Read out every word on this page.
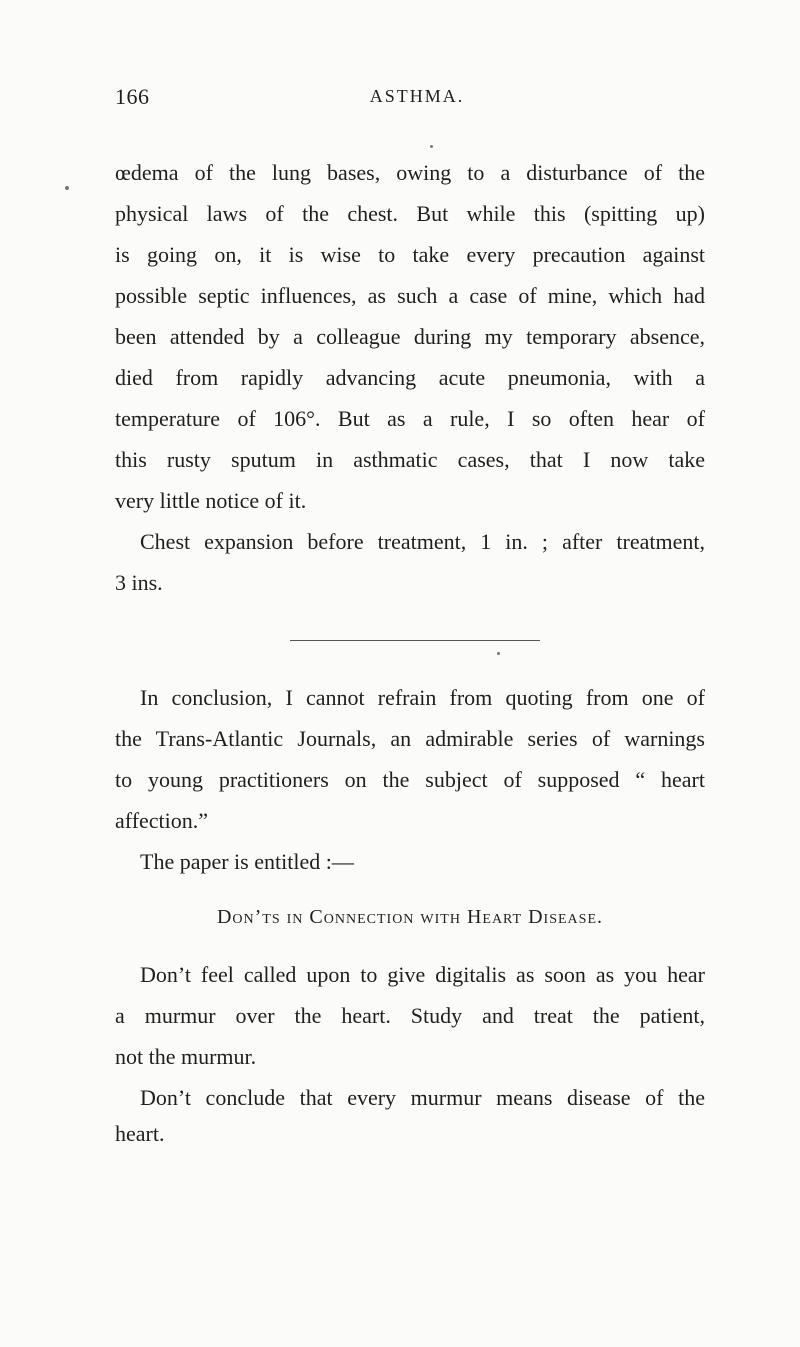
166	ASTHMA.
œdema of the lung bases, owing to a disturbance of the
physical laws of the chest. But while this (spitting up)
is going on, it is wise to take every precaution against
possible septic influences, as such a case of mine, which had
been attended by a colleague during my temporary absence,
died from rapidly advancing acute pneumonia, with a
temperature of 106°. But as a rule, I so often hear of
this rusty sputum in asthmatic cases, that I now take
very little notice of it.
Chest expansion before treatment, 1 in. ; after treatment,
3 ins.
In conclusion, I cannot refrain from quoting from one of
the Trans-Atlantic Journals, an admirable series of warnings
to young practitioners on the subject of supposed “ heart
affection.”
The paper is entitled :—
Don’ts in Connection with Heart Disease.
Don’t feel called upon to give digitalis as soon as you hear
a murmur over the heart. Study and treat the patient,
not the murmur.
Don’t conclude that every murmur means disease of the
heart.
